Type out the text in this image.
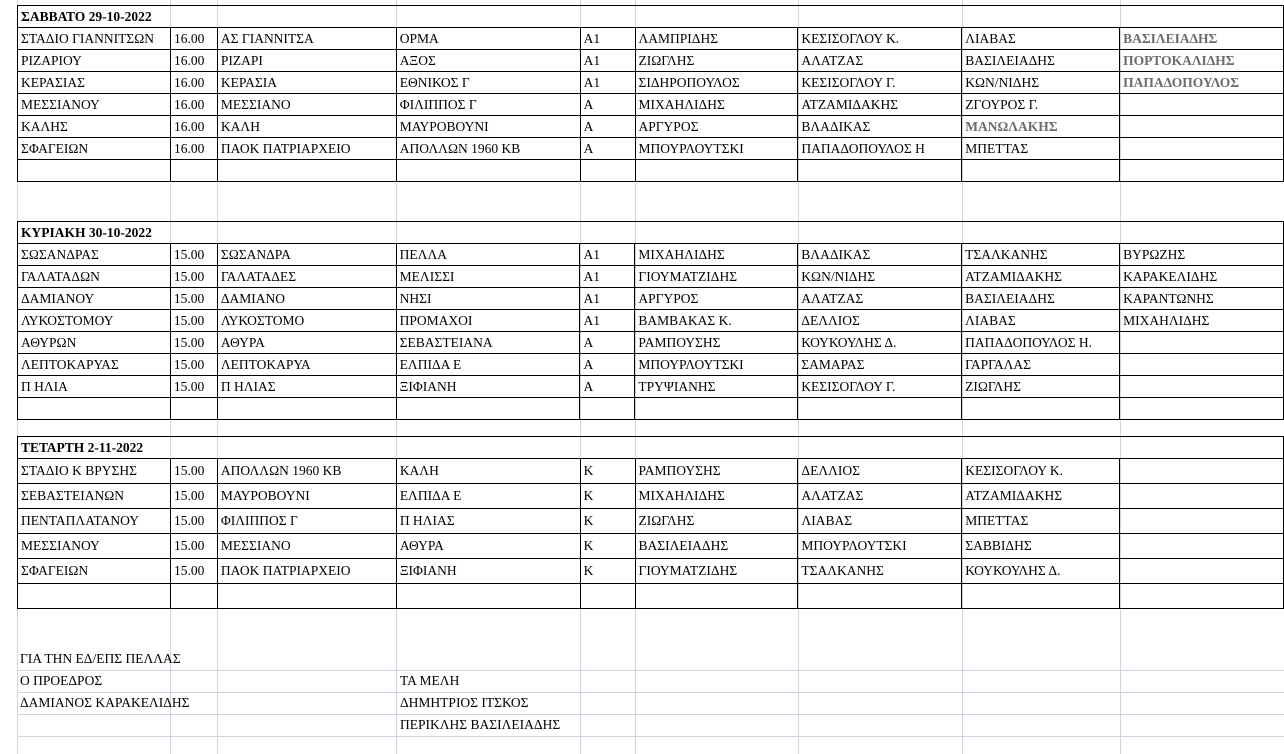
ΣΑΒΒΑΤΟ 29-10-2022								
ΣΤΑΔΙΟ ΓΙΑΝΝΙΤΣΩΝ	16.00	ΑΣ ΓΙΑΝΝΙΤΣΑ	ΟΡΜΑ	Α1	ΛΑΜΠΡΙΔΗΣ	ΚΕΣΙΣΟΓΛΟΥ Κ.	ΛΙΑΒΑΣ	ΒΑΣΙΛΕΙΑΔΗΣ
ΡΙΖΑΡΙΟΥ	16.00	ΡΙΖΑΡΙ	ΑΞΟΣ	Α1	ΖΙΩΓΛΗΣ	ΑΛΑΤΖΑΣ	ΒΑΣΙΛΕΙΑΔΗΣ	ΠΟΡΤΟΚΑΛΙΔΗΣ
ΚΕΡΑΣΙΑΣ	16.00	ΚΕΡΑΣΙΑ	ΕΘΝΙΚΟΣ Γ	Α1	ΣΙΔΗΡΟΠΟΥΛΟΣ	ΚΕΣΙΣΟΓΛΟΥ Γ.	ΚΩΝ/ΝΙΔΗΣ	ΠΑΠΑΔΟΠΟΥΛΟΣ
ΜΕΣΣΙΑΝΟΥ	16.00	ΜΕΣΣΙΑΝΟ	ΦΙΛΙΠΠΟΣ Γ	Α	ΜΙΧΑΗΛΙΔΗΣ	ΑΤΖΑΜΙΔΑΚΗΣ	ΖΓΟΥΡΟΣ Γ.	
ΚΑΛΗΣ	16.00	ΚΑΛΗ	ΜΑΥΡΟΒΟΥΝΙ	Α	ΑΡΓΥΡΟΣ	ΒΛΑΔΙΚΑΣ	ΜΑΝΩΛΑΚΗΣ	
ΣΦΑΓΕΙΩΝ	16.00	ΠΑΟΚ ΠΑΤΡΙΑΡΧΕΙΟ	ΑΠΟΛΛΩΝ 1960 ΚΒ	Α	ΜΠΟΥΡΛΟΥΤΣΚΙ	ΠΑΠΑΔΟΠΟΥΛΟΣ Η	ΜΠΕΤΤΑΣ	

ΚΥΡΙΑΚΗ 30-10-2022								
ΣΩΣΑΝΔΡΑΣ	15.00	ΣΩΣΑΝΔΡΑ	ΠΕΛΛΑ	Α1	ΜΙΧΑΗΛΙΔΗΣ	ΒΛΑΔΙΚΑΣ	ΤΣΑΛΚΑΝΗΣ	ΒΥΡΩΖΗΣ
ΓΑΛΑΤΑΔΩΝ	15.00	ΓΑΛΑΤΑΔΕΣ	ΜΕΛΙΣΣΙ	Α1	ΓΙΟΥΜΑΤΖΙΔΗΣ	ΚΩΝ/ΝΙΔΗΣ	ΑΤΖΑΜΙΔΑΚΗΣ	ΚΑΡΑΚΕΛΙΔΗΣ
ΔΑΜΙΑΝΟΥ	15.00	ΔΑΜΙΑΝΟ	ΝΗΣΙ	Α1	ΑΡΓΥΡΟΣ	ΑΛΑΤΖΑΣ	ΒΑΣΙΛΕΙΑΔΗΣ	ΚΑΡΑΝΤΩΝΗΣ
ΛΥΚΟΣΤΟΜΟΥ	15.00	ΛΥΚΟΣΤΟΜΟ	ΠΡΟΜΑΧΟΙ	Α1	ΒΑΜΒΑΚΑΣ Κ.	ΔΕΛΛΙΟΣ	ΛΙΑΒΑΣ	ΜΙΧΑΗΛΙΔΗΣ
ΑΘΥΡΩΝ	15.00	ΑΘΥΡΑ	ΣΕΒΑΣΤΕΙΑΝΑ	Α	ΡΑΜΠΟΥΣΗΣ	ΚΟΥΚΟΥΛΗΣ Δ.	ΠΑΠΑΔΟΠΟΥΛΟΣ Η.	
ΛΕΠΤΟΚΑΡΥΑΣ	15.00	ΛΕΠΤΟΚΑΡΥΑ	ΕΛΠΙΔΑ Ε	Α	ΜΠΟΥΡΛΟΥΤΣΚΙ	ΣΑΜΑΡΑΣ	ΓΑΡΓΑΛΑΣ	
Π ΗΛΙΑ	15.00	Π ΗΛΙΑΣ	ΞΙΦΙΑΝΗ	Α	ΤΡΥΨΙΑΝΗΣ	ΚΕΣΙΣΟΓΛΟΥ Γ.	ΖΙΩΓΛΗΣ	

ΤΕΤΑΡΤΗ 2-11-2022								
ΣΤΑΔΙΟ Κ ΒΡΥΣΗΣ	15.00	ΑΠΟΛΛΩΝ 1960 ΚΒ	ΚΑΛΗ	Κ	ΡΑΜΠΟΥΣΗΣ	ΔΕΛΛΙΟΣ	ΚΕΣΙΣΟΓΛΟΥ Κ.	
ΣΕΒΑΣΤΕΙΑΝΩΝ	15.00	ΜΑΥΡΟΒΟΥΝΙ	ΕΛΠΙΔΑ Ε	Κ	ΜΙΧΑΗΛΙΔΗΣ	ΑΛΑΤΖΑΣ	ΑΤΖΑΜΙΔΑΚΗΣ	
ΠΕΝΤΑΠΛΑΤΑΝΟΥ	15.00	ΦΙΛΙΠΠΟΣ Γ	Π ΗΛΙΑΣ	Κ	ΖΙΩΓΛΗΣ	ΛΙΑΒΑΣ	ΜΠΕΤΤΑΣ	
ΜΕΣΣΙΑΝΟΥ	15.00	ΜΕΣΣΙΑΝΟ	ΑΘΥΡΑ	Κ	ΒΑΣΙΛΕΙΑΔΗΣ	ΜΠΟΥΡΛΟΥΤΣΚΙ	ΣΑΒΒΙΔΗΣ	
ΣΦΑΓΕΙΩΝ	15.00	ΠΑΟΚ ΠΑΤΡΙΑΡΧΕΙΟ	ΞΙΦΙΑΝΗ	Κ	ΓΙΟΥΜΑΤΖΙΔΗΣ	ΤΣΑΛΚΑΝΗΣ	ΚΟΥΚΟΥΛΗΣ Δ.	

ΓΙΑ ΤΗΝ ΕΔ/ΕΠΣ ΠΕΛΛΑΣ
Ο ΠΡΟΕΔΡΟΣ	ΤΑ ΜΕΛΗ
ΔΑΜΙΑΝΟΣ ΚΑΡΑΚΕΛΙΔΗΣ	ΔΗΜΗΤΡΙΟΣ ΙΤΣΚΟΣ
ΠΕΡΙΚΛΗΣ ΒΑΣΙΛΕΙΑΔΗΣ
